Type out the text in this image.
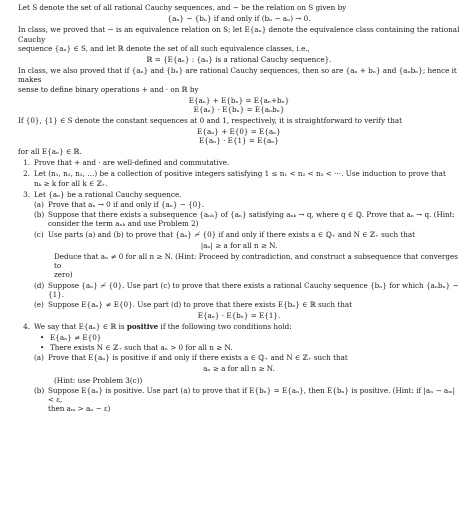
Let S denote the set of all rational Cauchy sequences, and ∼ be the relation on S given by

{aₙ} ∼ {bₙ} if and only if (bₙ − aₙ) → 0.

In class, we proved that ∼ is an equivalence relation on S; let E{aₙ} denote the equivalence class containing the rational Cauchy

sequence {aₙ} ∈ S, and let ℝ denote the set of all such equivalence classes, i.e.,

ℝ = {E{aₙ} : {aₙ} is a rational Cauchy sequence}.

In class, we also proved that if {aₙ} and {bₙ} are rational Cauchy sequences, then so are {aₙ + bₙ} and {aₙbₙ}; hence it makes

sense to define binary operations + and · on ℝ by

E{aₙ} + E{bₙ} = E{aₙ+bₙ}
E{aₙ} · E{bₙ} = E{aₙbₙ}

If {0}, {1} ∈ S denote the constant sequences at 0 and 1, respectively, it is straightforward to verify that

E{aₙ} + E{0} = E{aₙ}
E{aₙ} · E{1} = E{aₙ}

for all E{aₙ} ∈ ℝ.

1. Prove that + and · are well-defined and commutative.
2. Let (n₁, n₂, n₃, …) be a collection of positive integers satisfying 1 ≤ n₁ < n₂ < n₃ < ⋯. Use induction to prove that
nₖ ≥ k for all k ∈ ℤ₊.
3. Let {aₙ} be a rational Cauchy sequence.
(a) Prove that aₙ → 0 if and only if {aₙ} ∼ {0}.
(b) Suppose that there exists a subsequence {aₙₖ} of {aₙ} satisfying aₙₖ → q, where q ∈ ℚ. Prove that aₙ → q. (Hint:
consider the term aₙₖ and use Problem 2)
(c) Use parts (a) and (b) to prove that {aₙ} ≁ {0} if and only if there exists a ∈ ℚ₊ and N ∈ ℤ₊ such that

|aₙ| ≥ a for all n ≥ N.

Deduce that aₙ ≠ 0 for all n ≥ N. (Hint: Proceed by contradiction, and construct a subsequence that converges to
zero)
(d) Suppose {aₙ} ≁ {0}. Use part (c) to prove that there exists a rational Cauchy sequence {bₙ} for which {aₙbₙ} ∼ {1}.
(e) Suppose E{aₙ} ≠ E{0}. Use part (d) to prove that there exists E{bₙ} ∈ ℝ such that

E{aₙ} · E{bₙ} = E{1}.

4. We say that E{aₙ} ∈ ℝ is positive if the following two conditions hold:
• E{aₙ} ≠ E{0}
• There exists N ∈ ℤ₊ such that aₙ > 0 for all n ≥ N.
(a) Prove that E{aₙ} is positive if and only if there exists a ∈ ℚ₊ and N ∈ ℤ₊ such that

aₙ ≥ a for all n ≥ N.

(Hint: use Problem 3(c))

(b) Suppose E{aₙ} is positive. Use part (a) to prove that if E{bₙ} = E{aₙ}, then E{bₙ} is positive. (Hint: if |aₙ − aₘ| < ε,
then aₘ > aₙ − ε)
